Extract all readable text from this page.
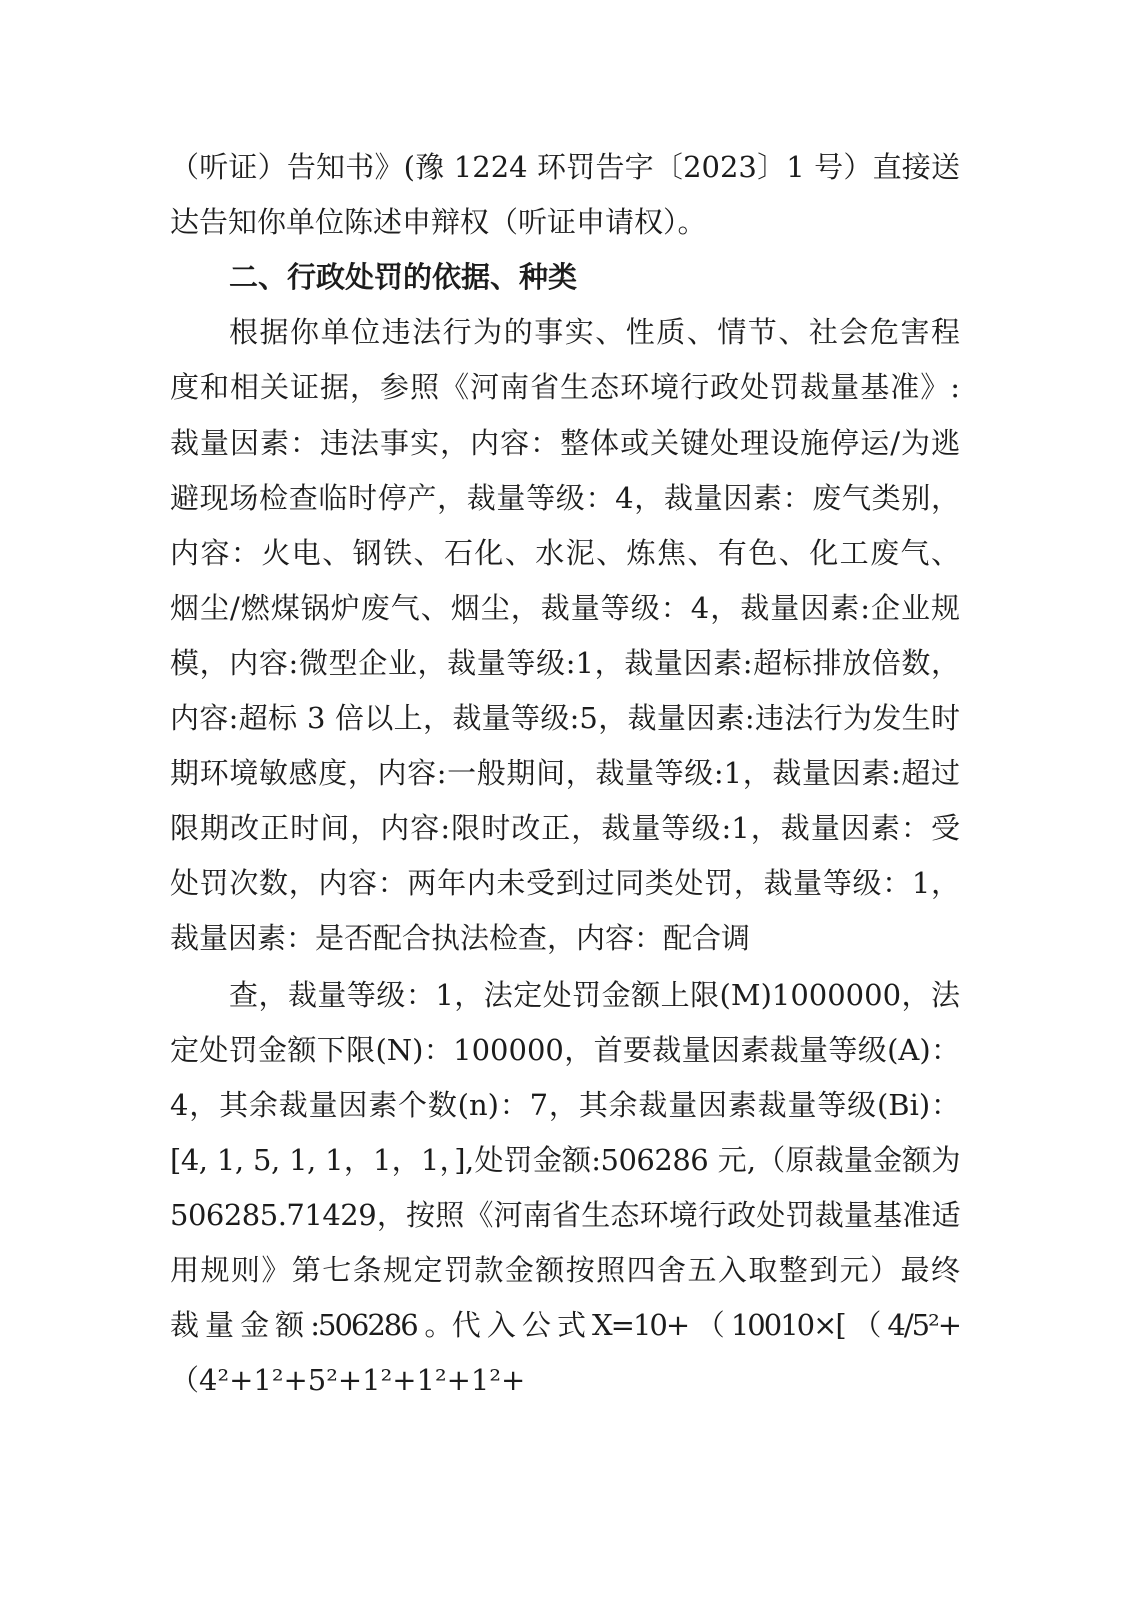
（听证）告知书》(豫 1224 环罚告字〔2023〕1 号）直接送
达告知你单位陈述申辩权（听证申请权）。
二、行政处罚的依据、种类
根据你单位违法行为的事实、性质、情节、社会危害程
度和相关证据，参照《河南省生态环境行政处罚裁量基准》:
裁量因素：违法事实，内容：整体或关键处理设施停运/为逃
避现场检查临时停产，裁量等级：4，裁量因素：废气类别，
内容：火电、钢铁、石化、水泥、炼焦、有色、化工废气、
烟尘/燃煤锅炉废气、烟尘，裁量等级：4，裁量因素:企业规
模，内容:微型企业，裁量等级:1，裁量因素:超标排放倍数，
内容:超标 3 倍以上，裁量等级:5，裁量因素:违法行为发生时
期环境敏感度，内容:一般期间，裁量等级:1，裁量因素:超过
限期改正时间，内容:限时改正，裁量等级:1，裁量因素：受
处罚次数，内容：两年内未受到过同类处罚，裁量等级：1，
裁量因素：是否配合执法检查，内容：配合调
查，裁量等级：1，法定处罚金额上限(M)1000000，法
定处罚金额下限(N)：100000，首要裁量因素裁量等级(A)：
4，其余裁量因素个数(n)：7，其余裁量因素裁量等级(Bi)：
[4, 1, 5, 1, 1，1，1，],处罚金额:506286 元,（原裁量金额为
506285.71429，按照《河南省生态环境行政处罚裁量基准适
用规则》第七条规定罚款金额按照四舍五入取整到元）最终
裁 量 金 额 :506286 。代 入 公 式 X=10+ （ 10010×[ （ 4/5²+
（4²+1²+5²+1²+1²+1²+
